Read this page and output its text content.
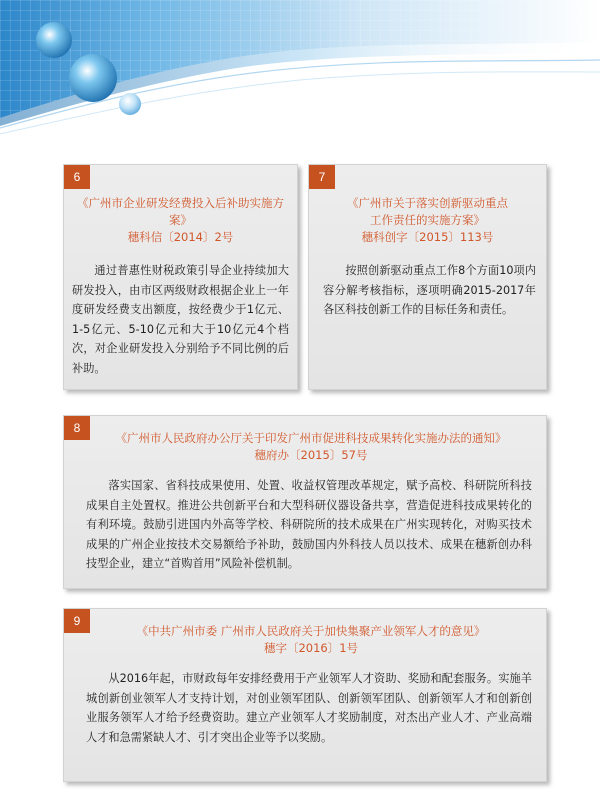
6

《广州市企业研发经费投入后补助实施方案》

穗科信〔2014〕2号

通过普惠性财税政策引导企业持续加大研发投入，由市区两级财政根据企业上一年度研发经费支出额度，按经费少于1亿元、1-5亿元、5-10亿元和大于10亿元4个档次，对企业研发投入分别给予不同比例的后补助。

7

《广州市关于落实创新驱动重点

工作责任的实施方案》

穗科创字〔2015〕113号

按照创新驱动重点工作8个方面10项内容分解考核指标，逐项明确2015-2017年各区科技创新工作的目标任务和责任。

8

《广州市人民政府办公厅关于印发广州市促进科技成果转化实施办法的通知》

穗府办〔2015〕57号

落实国家、省科技成果使用、处置、收益权管理改革规定，赋予高校、科研院所科技成果自主处置权。推进公共创新平台和大型科研仪器设备共享，营造促进科技成果转化的有利环境。鼓励引进国内外高等学校、科研院所的技术成果在广州实现转化，对购买技术成果的广州企业按技术交易额给予补助，鼓励国内外科技人员以技术、成果在穗新创办科技型企业，建立“首购首用”风险补偿机制。

9

《中共广州市委 广州市人民政府关于加快集聚产业领军人才的意见》

穗字〔2016〕1号

从2016年起，市财政每年安排经费用于产业领军人才资助、奖励和配套服务。实施羊城创新创业领军人才支持计划，对创业领军团队、创新领军团队、创新领军人才和创新创业服务领军人才给予经费资助。建立产业领军人才奖励制度，对杰出产业人才、产业高端人才和急需紧缺人才、引才突出企业等予以奖励。
